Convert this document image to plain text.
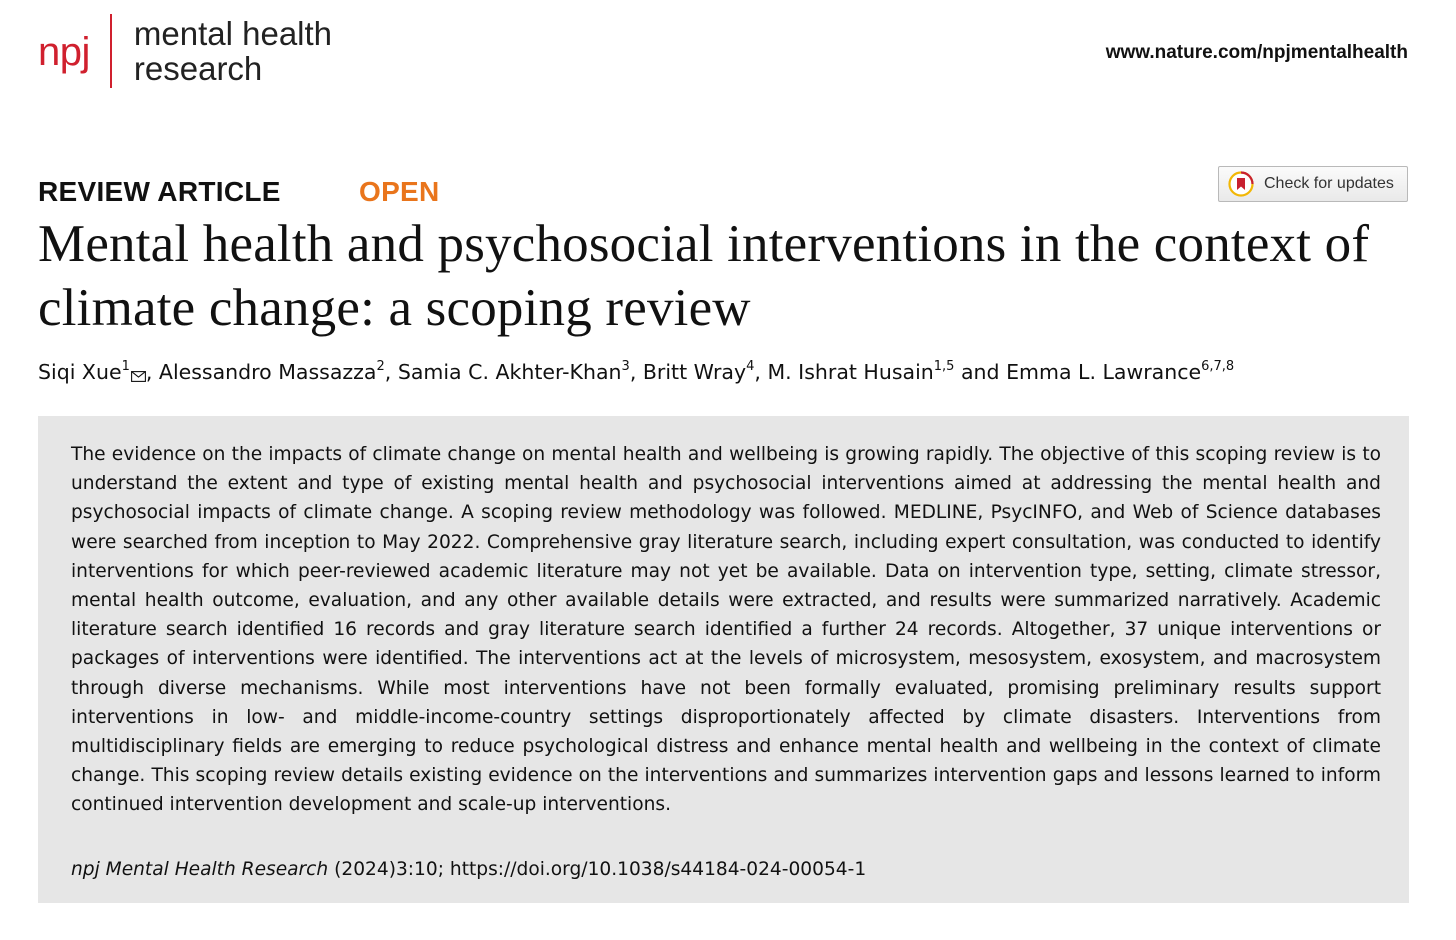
npj mental health
research	www.nature.com/npjmentalhealth
REVIEW ARTICLE	OPEN	Check for updates
Mental health and psychosocial interventions in the context of climate change: a scoping review
Siqi Xue$^1$ , Alessandro Massazza$^2$, Samia C. Akhter-Khan$^3$, Britt Wray$^4$, M. Ishrat Husain$^{1,5}$ and Emma L. Lawrance$^{6,7,8}$

The evidence on the impacts of climate change on mental health and wellbeing is growing rapidly. The objective of this scoping review is to understand the extent and type of existing mental health and psychosocial interventions aimed at addressing the mental health and psychosocial impacts of climate change. A scoping review methodology was followed. MEDLINE, PsycINFO, and Web of Science databases were searched from inception to May 2022. Comprehensive gray literature search, including expert consultation, was conducted to identify interventions for which peer-reviewed academic literature may not yet be available. Data on intervention type, setting, climate stressor, mental health outcome, evaluation, and any other available details were extracted, and results were summarized narratively. Academic literature search identified 16 records and gray literature search identified a further 24 records. Altogether, 37 unique interventions or packages of interventions were identified. The interventions act at the levels of microsystem, mesosystem, exosystem, and macrosystem through diverse mechanisms. While most interventions have not been formally evaluated, promising preliminary results support interventions in low- and middle-income-country settings disproportionately affected by climate disasters. Interventions from multidisciplinary fields are emerging to reduce psychological distress and enhance mental health and wellbeing in the context of climate change. This scoping review details existing evidence on the interventions and summarizes intervention gaps and lessons learned to inform continued intervention development and scale-up interventions.

npj Mental Health Research (2024)3:10; https://doi.org/10.1038/s44184-024-00054-1
